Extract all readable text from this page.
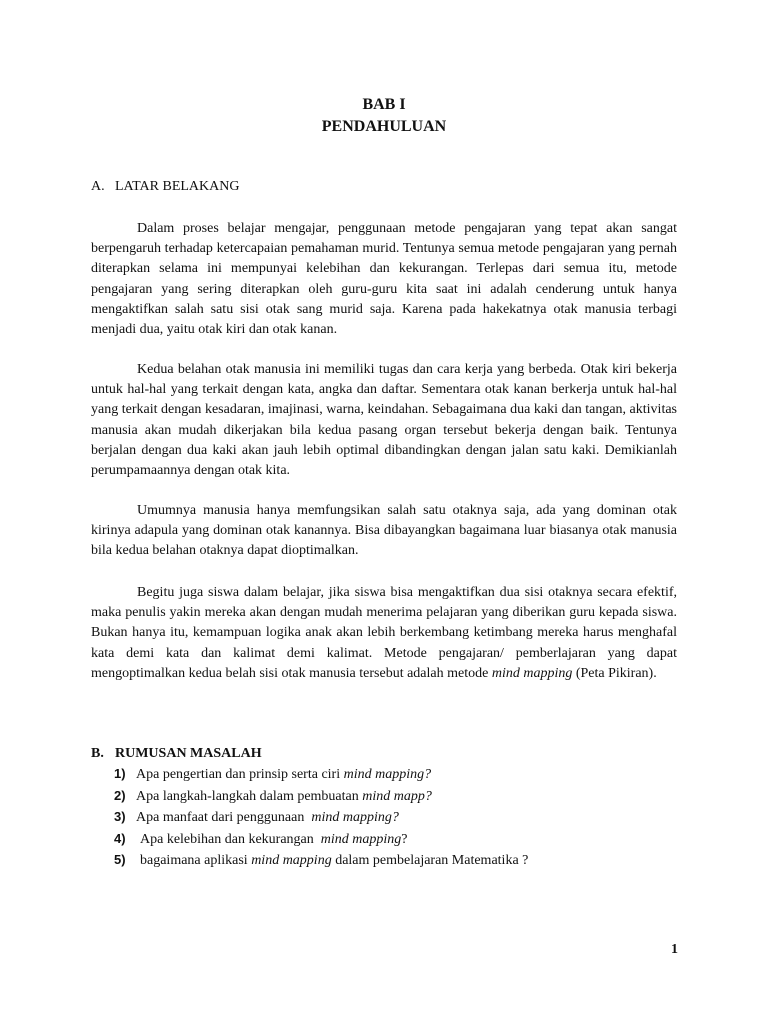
BAB I
PENDAHULUAN
A. LATAR BELAKANG

Dalam proses belajar mengajar, penggunaan metode pengajaran yang tepat akan sangat berpengaruh terhadap ketercapaian pemahaman murid. Tentunya semua metode pengajaran yang pernah diterapkan selama ini mempunyai kelebihan dan kekurangan. Terlepas dari semua itu, metode pengajaran yang sering diterapkan oleh guru-guru kita saat ini adalah cenderung untuk hanya mengaktifkan salah satu sisi otak sang murid saja. Karena pada hakekatnya otak manusia terbagi menjadi dua, yaitu otak kiri dan otak kanan.

Kedua belahan otak manusia ini memiliki tugas dan cara kerja yang berbeda. Otak kiri bekerja untuk hal-hal yang terkait dengan kata, angka dan daftar. Sementara otak kanan berkerja untuk hal-hal yang terkait dengan kesadaran, imajinasi, warna, keindahan. Sebagaimana dua kaki dan tangan, aktivitas manusia akan mudah dikerjakan bila kedua pasang organ tersebut bekerja dengan baik. Tentunya berjalan dengan dua kaki akan jauh lebih optimal dibandingkan dengan jalan satu kaki. Demikianlah perumpamaannya dengan otak kita.

Umumnya manusia hanya memfungsikan salah satu otaknya saja, ada yang dominan otak kirinya adapula yang dominan otak kanannya. Bisa dibayangkan bagaimana luar biasanya otak manusia bila kedua belahan otaknya dapat dioptimalkan.

Begitu juga siswa dalam belajar, jika siswa bisa mengaktifkan dua sisi otaknya secara efektif, maka penulis yakin mereka akan dengan mudah menerima pelajaran yang diberikan guru kepada siswa. Bukan hanya itu, kemampuan logika anak akan lebih berkembang ketimbang mereka harus menghafal kata demi kata dan kalimat demi kalimat. Metode pengajaran/ pemberlajaran yang dapat mengoptimalkan kedua belah sisi otak manusia tersebut adalah metode mind mapping (Peta Pikiran).

B. RUMUSAN MASALAH
1) Apa pengertian dan prinsip serta ciri mind mapping?
2) Apa langkah-langkah dalam pembuatan mind mapp?
3) Apa manfaat dari penggunaan mind mapping?
4) Apa kelebihan dan kekurangan mind mapping?
5) bagaimana aplikasi mind mapping dalam pembelajaran Matematika ?
1
